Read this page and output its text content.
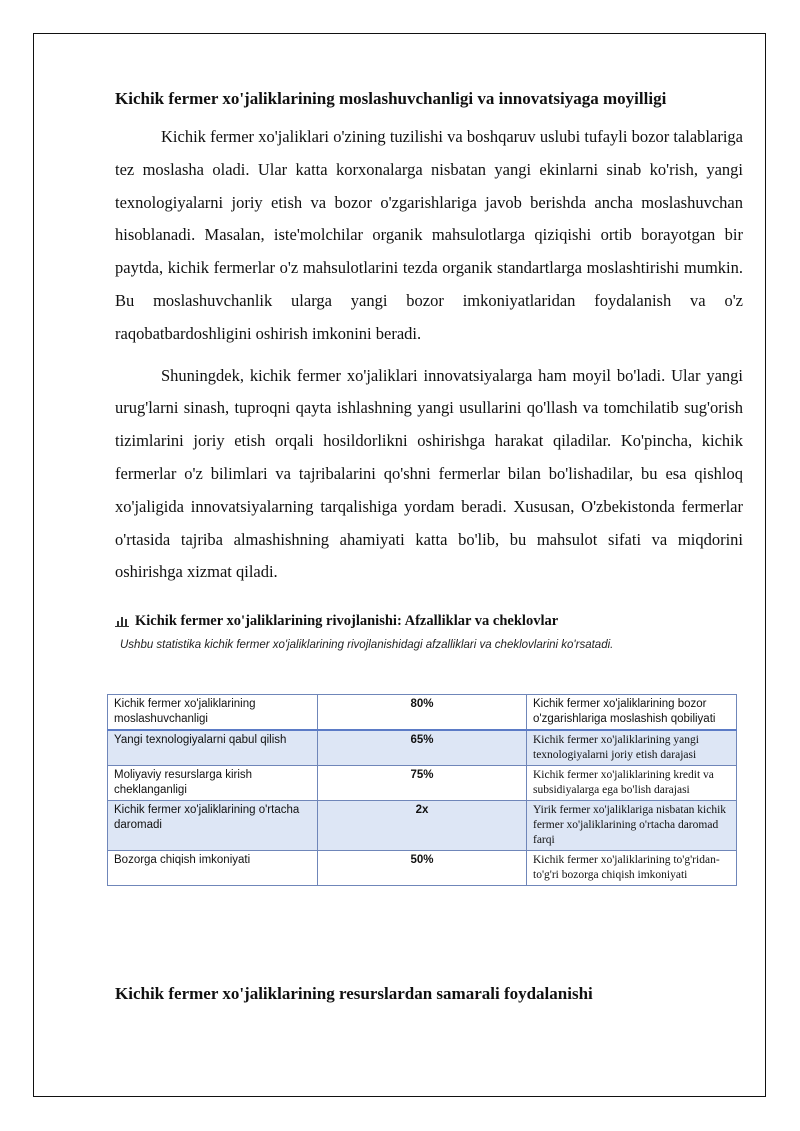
Kichik fermer xo'jaliklarining moslashuvchanligi va innovatsiyaga moyilligi

Kichik fermer xo'jaliklari o'zining tuzilishi va boshqaruv uslubi tufayli bozor talablariga tez moslasha oladi. Ular katta korxonalarga nisbatan yangi ekinlarni sinab ko'rish, yangi texnologiyalarni joriy etish va bozor o'zgarishlariga javob berishda ancha moslashuvchan hisoblanadi. Masalan, iste'molchilar organik mahsulotlarga qiziqishi ortib borayotgan bir paytda, kichik fermerlar o'z mahsulotlarini tezda organik standartlarga moslashtirishi mumkin. Bu moslashuvchanlik ularga yangi bozor imkoniyatlaridan foydalanish va o'z raqobatbardoshligini oshirish imkonini beradi.

Shuningdek, kichik fermer xo'jaliklari innovatsiyalarga ham moyil bo'ladi. Ular yangi urug'larni sinash, tuproqni qayta ishlashning yangi usullarini qo'llash va tomchilatib sug'orish tizimlarini joriy etish orqali hosildorlikni oshirishga harakat qiladilar. Ko'pincha, kichik fermerlar o'z bilimlari va tajribalarini qo'shni fermerlar bilan bo'lishadilar, bu esa qishloq xo'jaligida innovatsiyalarning tarqalishiga yordam beradi. Xususan, O'zbekistonda fermerlar o'rtasida tajriba almashishning ahamiyati katta bo'lib, bu mahsulot sifati va miqdorini oshirishga xizmat qiladi.

Kichik fermer xo'jaliklarining rivojlanishi: Afzalliklar va cheklovlar
Ushbu statistika kichik fermer xo'jaliklarining rivojlanishidagi afzalliklari va cheklovlarini ko'rsatadi.
Kichik fermer xo'jaliklarining moslashuvchanligi	80%	Kichik fermer xo'jaliklarining bozor o'zgarishlariga moslashish qobiliyati
Yangi texnologiyalarni qabul qilish	65%	Kichik fermer xo'jaliklarining yangi texnologiyalarni joriy etish darajasi
Moliyaviy resurslarga kirish cheklanganligi	75%	Kichik fermer xo'jaliklarining kredit va subsidiyalarga ega bo'lish darajasi
Kichik fermer xo'jaliklarining o'rtacha daromadi	2x	Yirik fermer xo'jaliklariga nisbatan kichik fermer xo'jaliklarining o'rtacha daromad farqi
Bozorga chiqish imkoniyati	50%	Kichik fermer xo'jaliklarining to'g'ridan-to'g'ri bozorga chiqish imkoniyati
Kichik fermer xo'jaliklarining resurslardan samarali foydalanishi
